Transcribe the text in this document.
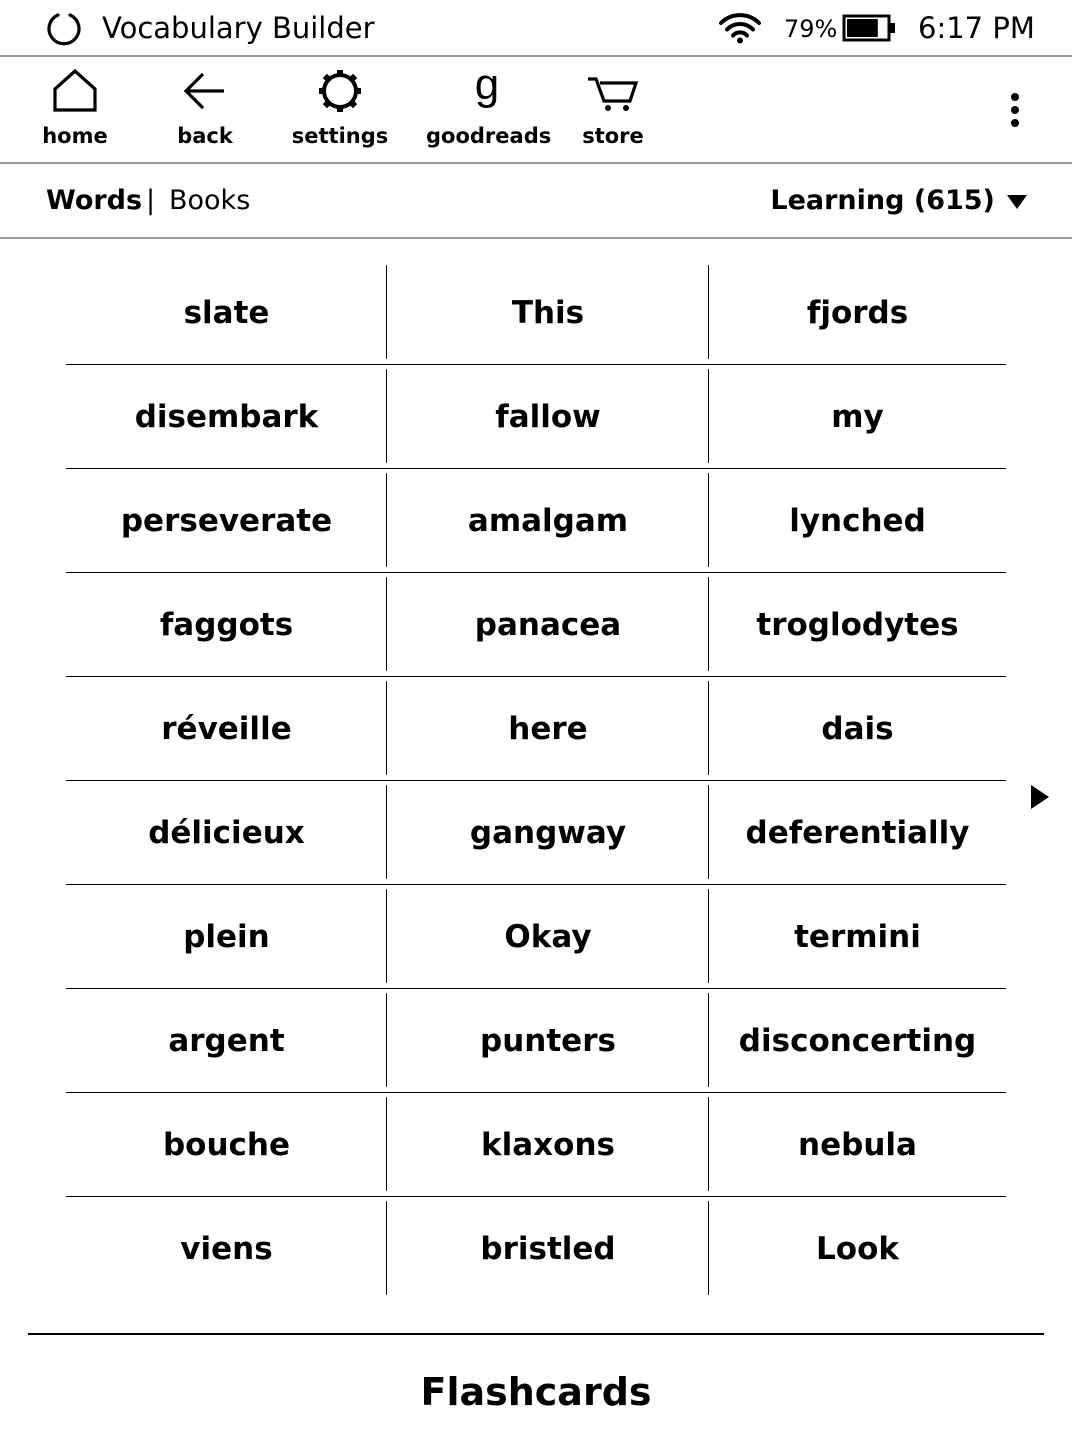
Vocabulary Builder	79%	6:17 PM
home	back	settings
g
goodreads	store
Words | Books	Learning (615)
slate	This	fjords
disembark	fallow	my
perseverate	amalgam	lynched
faggots	panacea	troglodytes
réveille	here	dais
délicieux	gangway	deferentially
plein	Okay	termini
argent	punters	disconcerting
bouche	klaxons	nebula
viens	bristled	Look
Flashcards
